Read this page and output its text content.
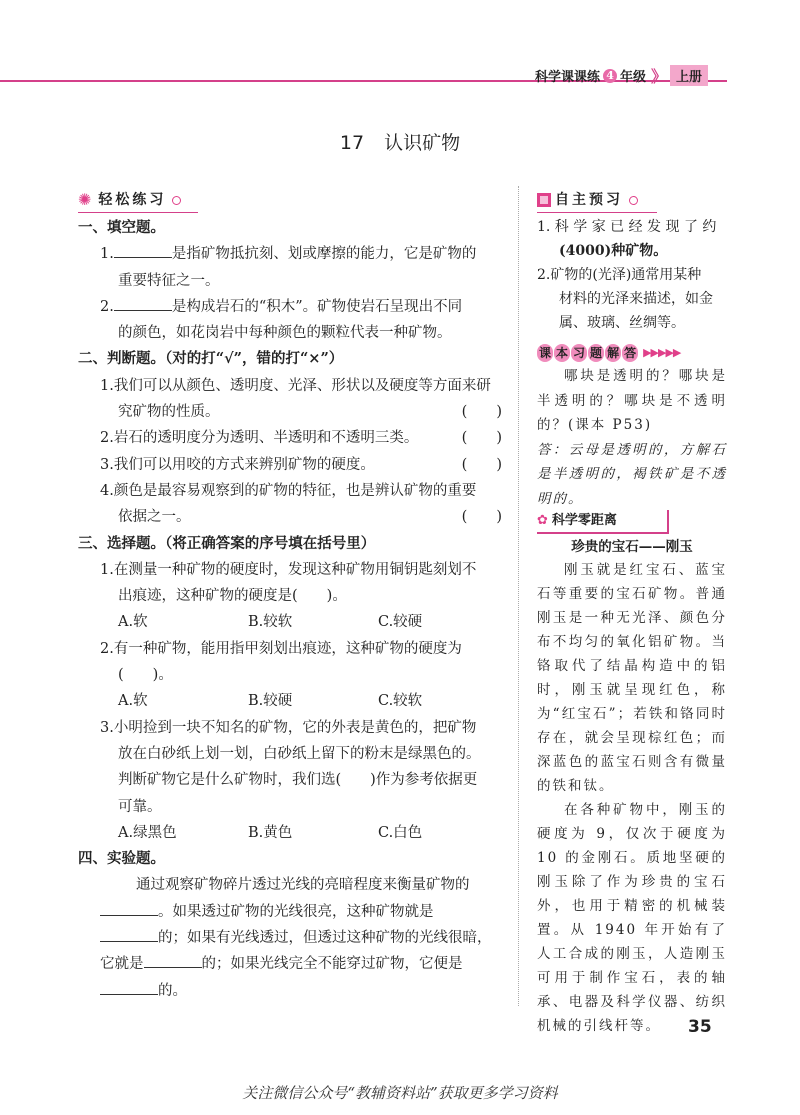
科学课课练 4 年级 》 上册
17 认识矿物
✺ 轻松练习
一、填空题。
1.	是指矿物抵抗刻、划或摩擦的能力，它是矿物的
重要特征之一。
2.	是构成岩石的“积木”。矿物使岩石呈现出不同
的颜色，如花岗岩中每种颜色的颗粒代表一种矿物。
二、判断题。（对的打“√”，错的打“×”）
1.我们可以从颜色、透明度、光泽、形状以及硬度等方面来研
究矿物的性质。	(　　)
2.岩石的透明度分为透明、半透明和不透明三类。	(　　)
3.我们可以用咬的方式来辨别矿物的硬度。	(　　)
4.颜色是最容易观察到的矿物的特征，也是辨认矿物的重要
依据之一。	(　　)
三、选择题。（将正确答案的序号填在括号里）
1.在测量一种矿物的硬度时，发现这种矿物用铜钥匙刻划不
出痕迹，这种矿物的硬度是(　　)。
A.软	B.较软	C.较硬
2.有一种矿物，能用指甲刻划出痕迹，这种矿物的硬度为
(　　)。
A.软	B.较硬	C.较软
3.小明捡到一块不知名的矿物，它的外表是黄色的，把矿物
放在白砂纸上划一划，白砂纸上留下的粉末是绿黑色的。
判断矿物它是什么矿物时，我们选(　　)作为参考依据更
可靠。
A.绿黑色	B.黄色	C.白色
四、实验题。
通过观察矿物碎片透过光线的亮暗程度来衡量矿物的
。如果透过矿物的光线很亮，这种矿物就是
的；如果有光线透过，但透过这种矿物的光线很暗，
它就是	的；如果光线完全不能穿过矿物，它便是
的。
自主预习
1. 科 学 家 已 经 发 现 了 约
(4000)种矿物。
2.矿物的(光泽)通常用某种
材料的光泽来描述，如金
属、玻璃、丝绸等。
课 本 习 题 解 答 ▶▶▶▶▶
哪块是透明的？哪块是半透明的？哪块是不透明的？(课本 P53)
答：云母是透明的，方解石是半透明的，褐铁矿是不透明的。
✿ 科学零距离
珍贵的宝石——刚玉
刚玉就是红宝石、蓝宝石等重要的宝石矿物。普通刚玉是一种无光泽、颜色分布不均匀的氧化铝矿物。当铬取代了结晶构造中的铝时，刚玉就呈现红色，称为“红宝石”；若铁和铬同时存在，就会呈现棕红色；而深蓝色的蓝宝石则含有微量的铁和钛。
在各种矿物中，刚玉的硬度为 9，仅次于硬度为 10 的金刚石。质地坚硬的刚玉除了作为珍贵的宝石外，也用于精密的机械装置。从 1940 年开始有了人工合成的刚玉，人造刚玉可用于制作宝石，表的轴承、电器及科学仪器、纺织机械的引线杆等。	35
关注微信公众号“教辅资料站”获取更多学习资料
